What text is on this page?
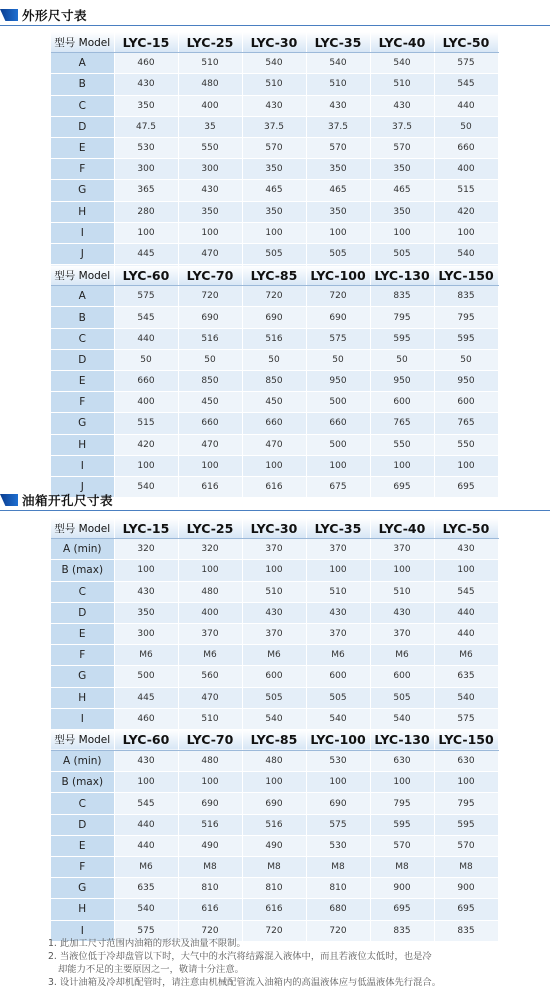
外形尺寸表
型号 Model	LYC-15	LYC-25	LYC-30	LYC-35	LYC-40	LYC-50
A	460	510	540	540	540	575
B	430	480	510	510	510	545
C	350	400	430	430	430	440
D	47.5	35	37.5	37.5	37.5	50
E	530	550	570	570	570	660
F	300	300	350	350	350	400
G	365	430	465	465	465	515
H	280	350	350	350	350	420
I	100	100	100	100	100	100
J	445	470	505	505	505	540
型号 Model	LYC-60	LYC-70	LYC-85	LYC-100	LYC-130	LYC-150
A	575	720	720	720	835	835
B	545	690	690	690	795	795
C	440	516	516	575	595	595
D	50	50	50	50	50	50
E	660	850	850	950	950	950
F	400	450	450	500	600	600
G	515	660	660	660	765	765
H	420	470	470	500	550	550
I	100	100	100	100	100	100
J	540	616	616	675	695	695
油箱开孔尺寸表
型号 Model	LYC-15	LYC-25	LYC-30	LYC-35	LYC-40	LYC-50
A (min)	320	320	370	370	370	430
B (max)	100	100	100	100	100	100
C	430	480	510	510	510	545
D	350	400	430	430	430	440
E	300	370	370	370	370	440
F	M6	M6	M6	M6	M6	M6
G	500	560	600	600	600	635
H	445	470	505	505	505	540
I	460	510	540	540	540	575
型号 Model	LYC-60	LYC-70	LYC-85	LYC-100	LYC-130	LYC-150
A (min)	430	480	480	530	630	630
B (max)	100	100	100	100	100	100
C	545	690	690	690	795	795
D	440	516	516	575	595	595
E	440	490	490	530	570	570
F	M6	M8	M8	M8	M8	M8
G	635	810	810	810	900	900
H	540	616	616	680	695	695
I	575	720	720	720	835	835

1. 此加工尺寸范围内油箱的形状及油量不限制。

2. 当液位低于冷却盘管以下时，大气中的水汽将结露混入液体中，而且若液位太低时，也是冷

却能力不足的主要原因之一，敬请十分注意。

3. 设计油箱及冷却机配管时，请注意由机械配管流入油箱内的高温液体应与低温液体先行混合。
